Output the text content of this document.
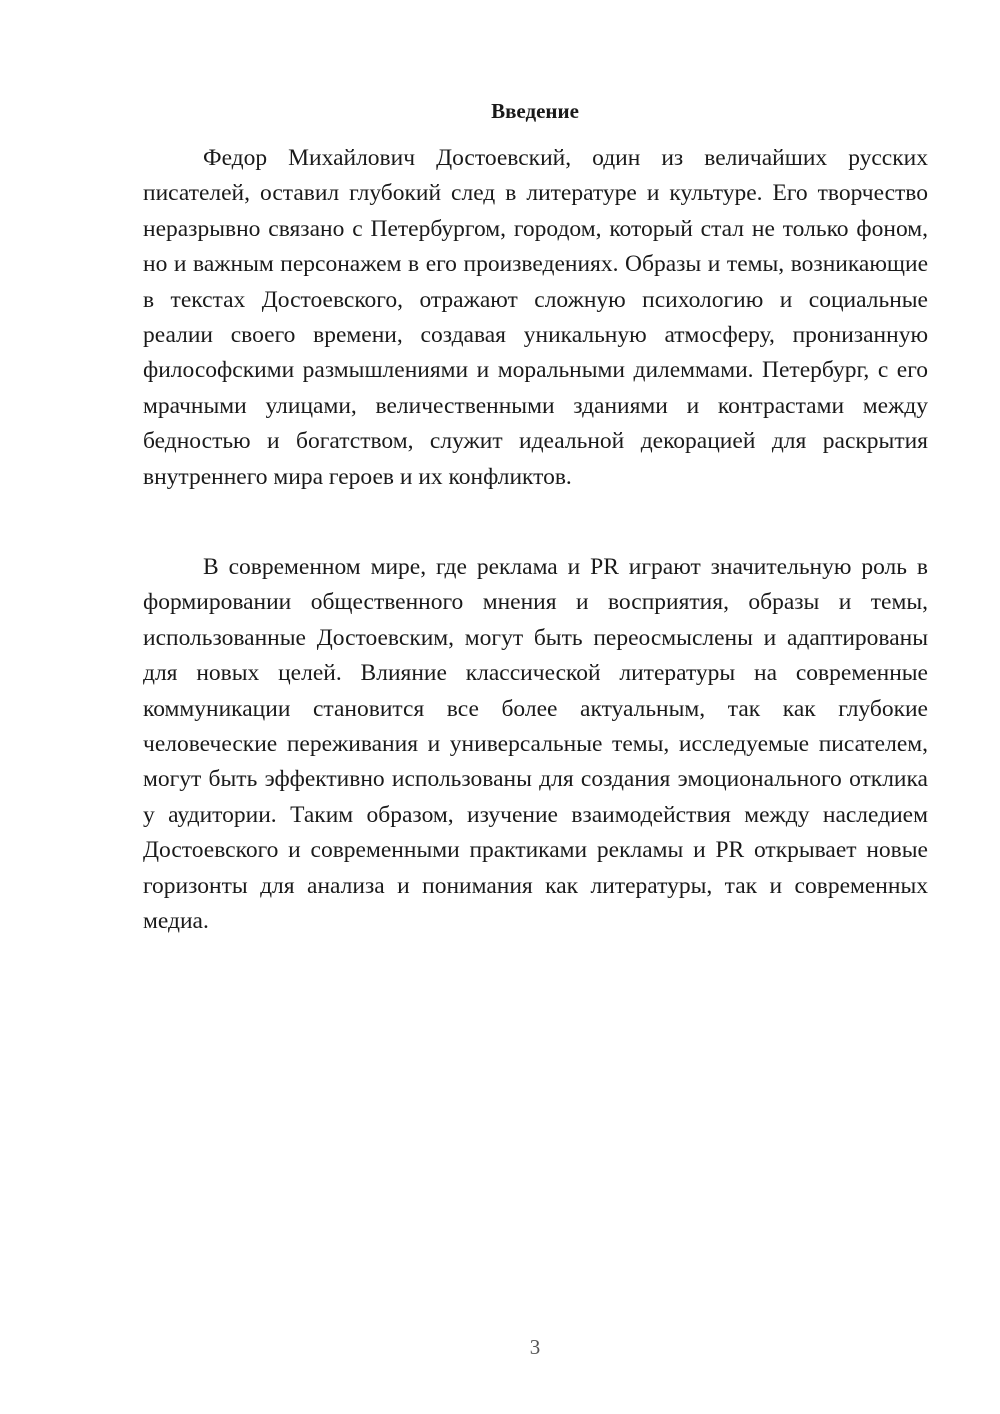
Введение

Федор Михайлович Достоевский, один из величайших русских писателей, оставил глубокий след в литературе и культуре. Его творчество неразрывно связано с Петербургом, городом, который стал не только фоном, но и важным персонажем в его произведениях. Образы и темы, возникающие в текстах Достоевского, отражают сложную психологию и социальные реалии своего времени, создавая уникальную атмосферу, пронизанную философскими размышлениями и моральными дилеммами. Петербург, с его мрачными улицами, величественными зданиями и контрастами между бедностью и богатством, служит идеальной декорацией для раскрытия внутреннего мира героев и их конфликтов.

В современном мире, где реклама и PR играют значительную роль в формировании общественного мнения и восприятия, образы и темы, использованные Достоевским, могут быть переосмыслены и адаптированы для новых целей. Влияние классической литературы на современные коммуникации становится все более актуальным, так как глубокие человеческие переживания и универсальные темы, исследуемые писателем, могут быть эффективно использованы для создания эмоционального отклика у аудитории. Таким образом, изучение взаимодействия между наследием Достоевского и современными практиками рекламы и PR открывает новые горизонты для анализа и понимания как литературы, так и современных медиа.

3
